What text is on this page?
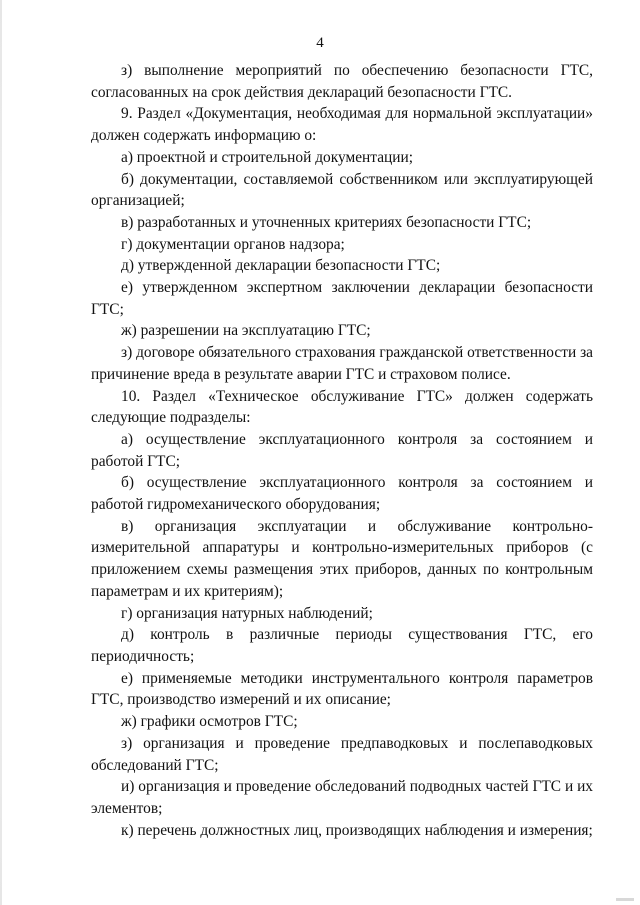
4

з) выполнение мероприятий по обеспечению безопасности ГТС, согласованных на срок действия деклараций безопасности ГТС.

9. Раздел «Документация, необходимая для нормальной эксплуатации» должен содержать информацию о:

а) проектной и строительной документации;

б) документации, составляемой собственником или эксплуатирующей организацией;

в) разработанных и уточненных критериях безопасности ГТС;

г) документации органов надзора;

д) утвержденной декларации безопасности ГТС;

е) утвержденном экспертном заключении декларации безопасности ГТС;

ж) разрешении на эксплуатацию ГТС;

з) договоре обязательного страхования гражданской ответственности за причинение вреда в результате аварии ГТС и страховом полисе.

10. Раздел «Техническое обслуживание ГТС» должен содержать следующие подразделы:

а) осуществление эксплуатационного контроля за состоянием и работой ГТС;

б) осуществление эксплуатационного контроля за состоянием и работой гидромеханического оборудования;

в) организация эксплуатации и обслуживание контрольно-измерительной аппаратуры и контрольно-измерительных приборов (с приложением схемы размещения этих приборов, данных по контрольным параметрам и их критериям);

г) организация натурных наблюдений;

д) контроль в различные периоды существования ГТС, его периодичность;

е) применяемые методики инструментального контроля параметров ГТС, производство измерений и их описание;

ж) графики осмотров ГТС;

з) организация и проведение предпаводковых и послепаводковых обследований ГТС;

и) организация и проведение обследований подводных частей ГТС и их элементов;

к) перечень должностных лиц, производящих наблюдения и измерения;
